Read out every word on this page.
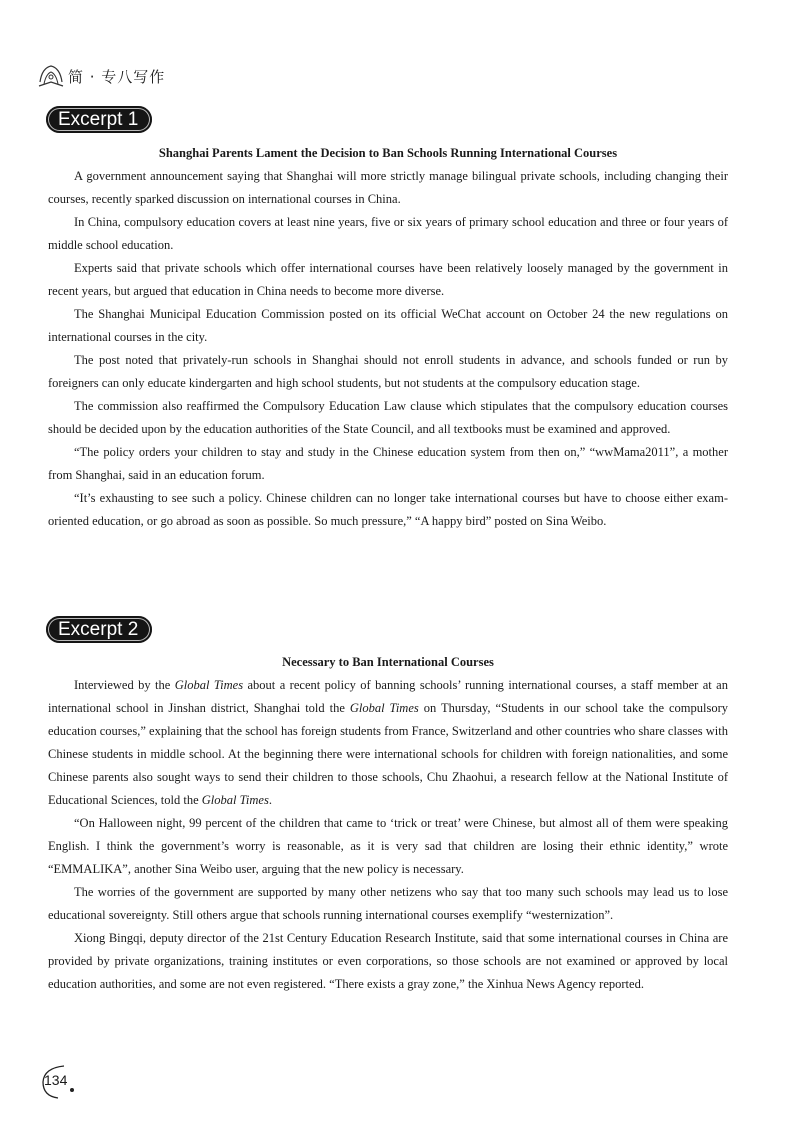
简 · 专八写作
Excerpt 1
Shanghai Parents Lament the Decision to Ban Schools Running International Courses

A government announcement saying that Shanghai will more strictly manage bilingual private schools, including changing their courses, recently sparked discussion on international courses in China.

In China, compulsory education covers at least nine years, five or six years of primary school education and three or four years of middle school education.

Experts said that private schools which offer international courses have been relatively loosely managed by the government in recent years, but argued that education in China needs to become more diverse.

The Shanghai Municipal Education Commission posted on its official WeChat account on October 24 the new regulations on international courses in the city.

The post noted that privately-run schools in Shanghai should not enroll students in advance, and schools funded or run by foreigners can only educate kindergarten and high school students, but not students at the compulsory education stage.

The commission also reaffirmed the Compulsory Education Law clause which stipulates that the compulsory education courses should be decided upon by the education authorities of the State Council, and all textbooks must be examined and approved.

“The policy orders your children to stay and study in the Chinese education system from then on,” “wwMama2011”, a mother from Shanghai, said in an education forum.

“It’s exhausting to see such a policy. Chinese children can no longer take international courses but have to choose either exam-oriented education, or go abroad as soon as possible. So much pressure,” “A happy bird” posted on Sina Weibo.

Excerpt 2
Necessary to Ban International Courses

Interviewed by the Global Times about a recent policy of banning schools’ running international courses, a staff member at an international school in Jinshan district, Shanghai told the Global Times on Thursday, “Students in our school take the compulsory education courses,” explaining that the school has foreign students from France, Switzerland and other countries who share classes with Chinese students in middle school. At the beginning there were international schools for children with foreign nationalities, and some Chinese parents also sought ways to send their children to those schools, Chu Zhaohui, a research fellow at the National Institute of Educational Sciences, told the Global Times.

“On Halloween night, 99 percent of the children that came to ‘trick or treat’ were Chinese, but almost all of them were speaking English. I think the government’s worry is reasonable, as it is very sad that children are losing their ethnic identity,” wrote “EMMALIKA”, another Sina Weibo user, arguing that the new policy is necessary.

The worries of the government are supported by many other netizens who say that too many such schools may lead us to lose educational sovereignty. Still others argue that schools running international courses exemplify “westernization”.

Xiong Bingqi, deputy director of the 21st Century Education Research Institute, said that some international courses in China are provided by private organizations, training institutes or even corporations, so those schools are not examined or approved by local education authorities, and some are not even registered. “There exists a gray zone,” the Xinhua News Agency reported.

134
